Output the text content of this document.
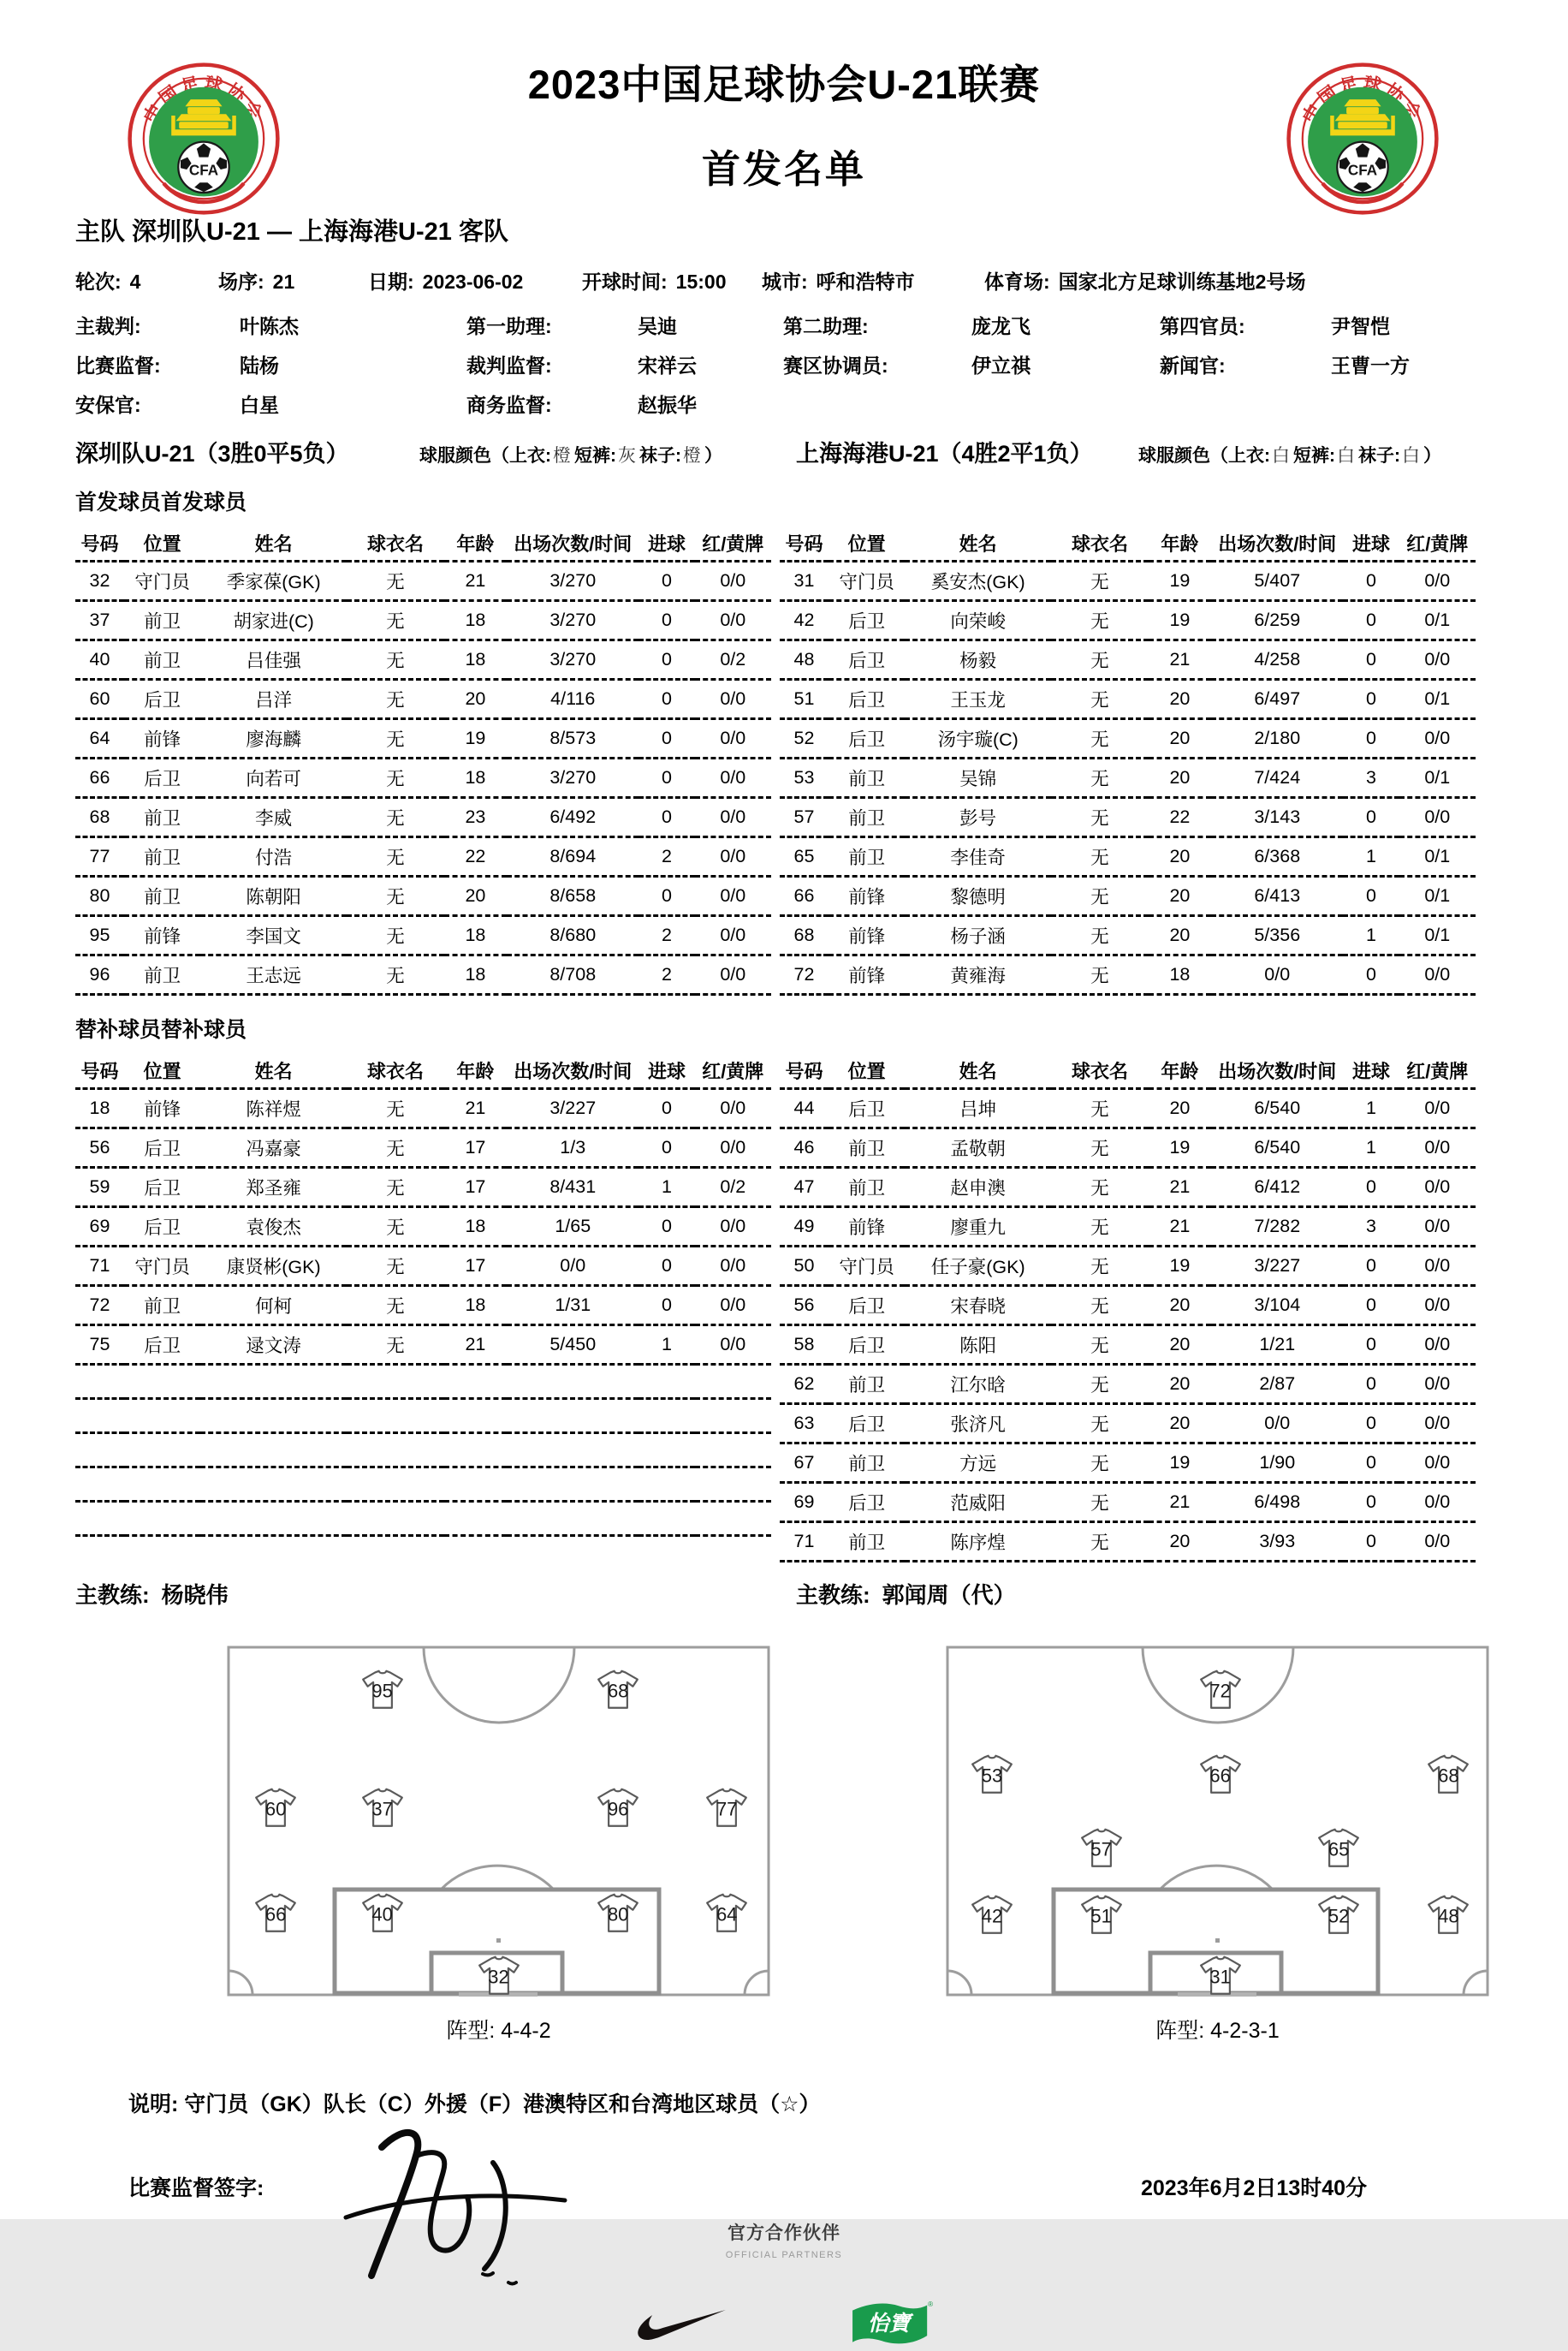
2023中国足球协会U-21联赛
首发名单
主队 深圳队U-21 — 上海海港U-21 客队
轮次: 4	场序: 21	日期: 2023-06-02	开球时间: 15:00	城市: 呼和浩特市	体育场: 国家北方足球训练基地2号场
主裁判:	叶陈杰	第一助理:	吴迪	第二助理:	庞龙飞	第四官员:	尹智恺
比赛监督:	陆杨	裁判监督:	宋祥云	赛区协调员:	伊立祺	新闻官:	王曹一方
安保官:	白星	商务监督:	赵振华
深圳队U-21（3胜0平5负）	球服颜色（上衣:橙 短裤:灰 袜子:橙 ）	上海海港U-21（4胜2平1负）	球服颜色（上衣:白 短裤:白 袜子:白 ）
首发球员首发球员
号码	位置	姓名	球衣名	年龄	出场次数/时间	进球	红/黄牌
32	守门员	季家葆(GK)	无	21	3/270	0	0/0
37	前卫	胡家进(C)	无	18	3/270	0	0/0
40	前卫	吕佳强	无	18	3/270	0	0/2
60	后卫	吕洋	无	20	4/116	0	0/0
64	前锋	廖海麟	无	19	8/573	0	0/0
66	后卫	向若可	无	18	3/270	0	0/0
68	前卫	李威	无	23	6/492	0	0/0
77	前卫	付浩	无	22	8/694	2	0/0
80	前卫	陈朝阳	无	20	8/658	0	0/0
95	前锋	李国文	无	18	8/680	2	0/0
96	前卫	王志远	无	18	8/708	2	0/0
号码	位置	姓名	球衣名	年龄	出场次数/时间	进球	红/黄牌
31	守门员	奚安杰(GK)	无	19	5/407	0	0/0
42	后卫	向荣峻	无	19	6/259	0	0/1
48	后卫	杨毅	无	21	4/258	0	0/0
51	后卫	王玉龙	无	20	6/497	0	0/1
52	后卫	汤宇璇(C)	无	20	2/180	0	0/0
53	前卫	吴锦	无	20	7/424	3	0/1
57	前卫	彭号	无	22	3/143	0	0/0
65	前卫	李佳奇	无	20	6/368	1	0/1
66	前锋	黎德明	无	20	6/413	0	0/1
68	前锋	杨子涵	无	20	5/356	1	0/1
72	前锋	黄雍海	无	18	0/0	0	0/0
替补球员替补球员
号码	位置	姓名	球衣名	年龄	出场次数/时间	进球	红/黄牌
18	前锋	陈祥煜	无	21	3/227	0	0/0
56	后卫	冯嘉豪	无	17	1/3	0	0/0
59	后卫	郑圣雍	无	17	8/431	1	0/2
69	后卫	袁俊杰	无	18	1/65	0	0/0
71	守门员	康贤彬(GK)	无	17	0/0	0	0/0
72	前卫	何柯	无	18	1/31	0	0/0
75	后卫	逯文涛	无	21	5/450	1	0/0

号码	位置	姓名	球衣名	年龄	出场次数/时间	进球	红/黄牌
44	后卫	吕坤	无	20	6/540	1	0/0
46	前卫	孟敬朝	无	19	6/540	1	0/0
47	前卫	赵申澳	无	21	6/412	0	0/0
49	前锋	廖重九	无	21	7/282	3	0/0
50	守门员	任子豪(GK)	无	19	3/227	0	0/0
56	后卫	宋春晓	无	20	3/104	0	0/0
58	后卫	陈阳	无	20	1/21	0	0/0
62	前卫	江尔晗	无	20	2/87	0	0/0
63	后卫	张济凡	无	20	0/0	0	0/0
67	前卫	方远	无	19	1/90	0	0/0
69	后卫	范威阳	无	21	6/498	0	0/0
71	前卫	陈序煌	无	20	3/93	0	0/0
主教练: 杨晓伟	主教练: 郭闻周（代）
95	68
60	37	96	77
66	40	80	64
32
阵型: 4-4-2
72
53	66	68
57	65
42	51	52	48
31
阵型: 4-2-3-1
说明: 守门员（GK）队长（C）外援（F）港澳特区和台湾地区球员（☆）
比赛监督签字:	2023年6月2日13时40分
官方合作伙伴
OFFICIAL PARTNERS
